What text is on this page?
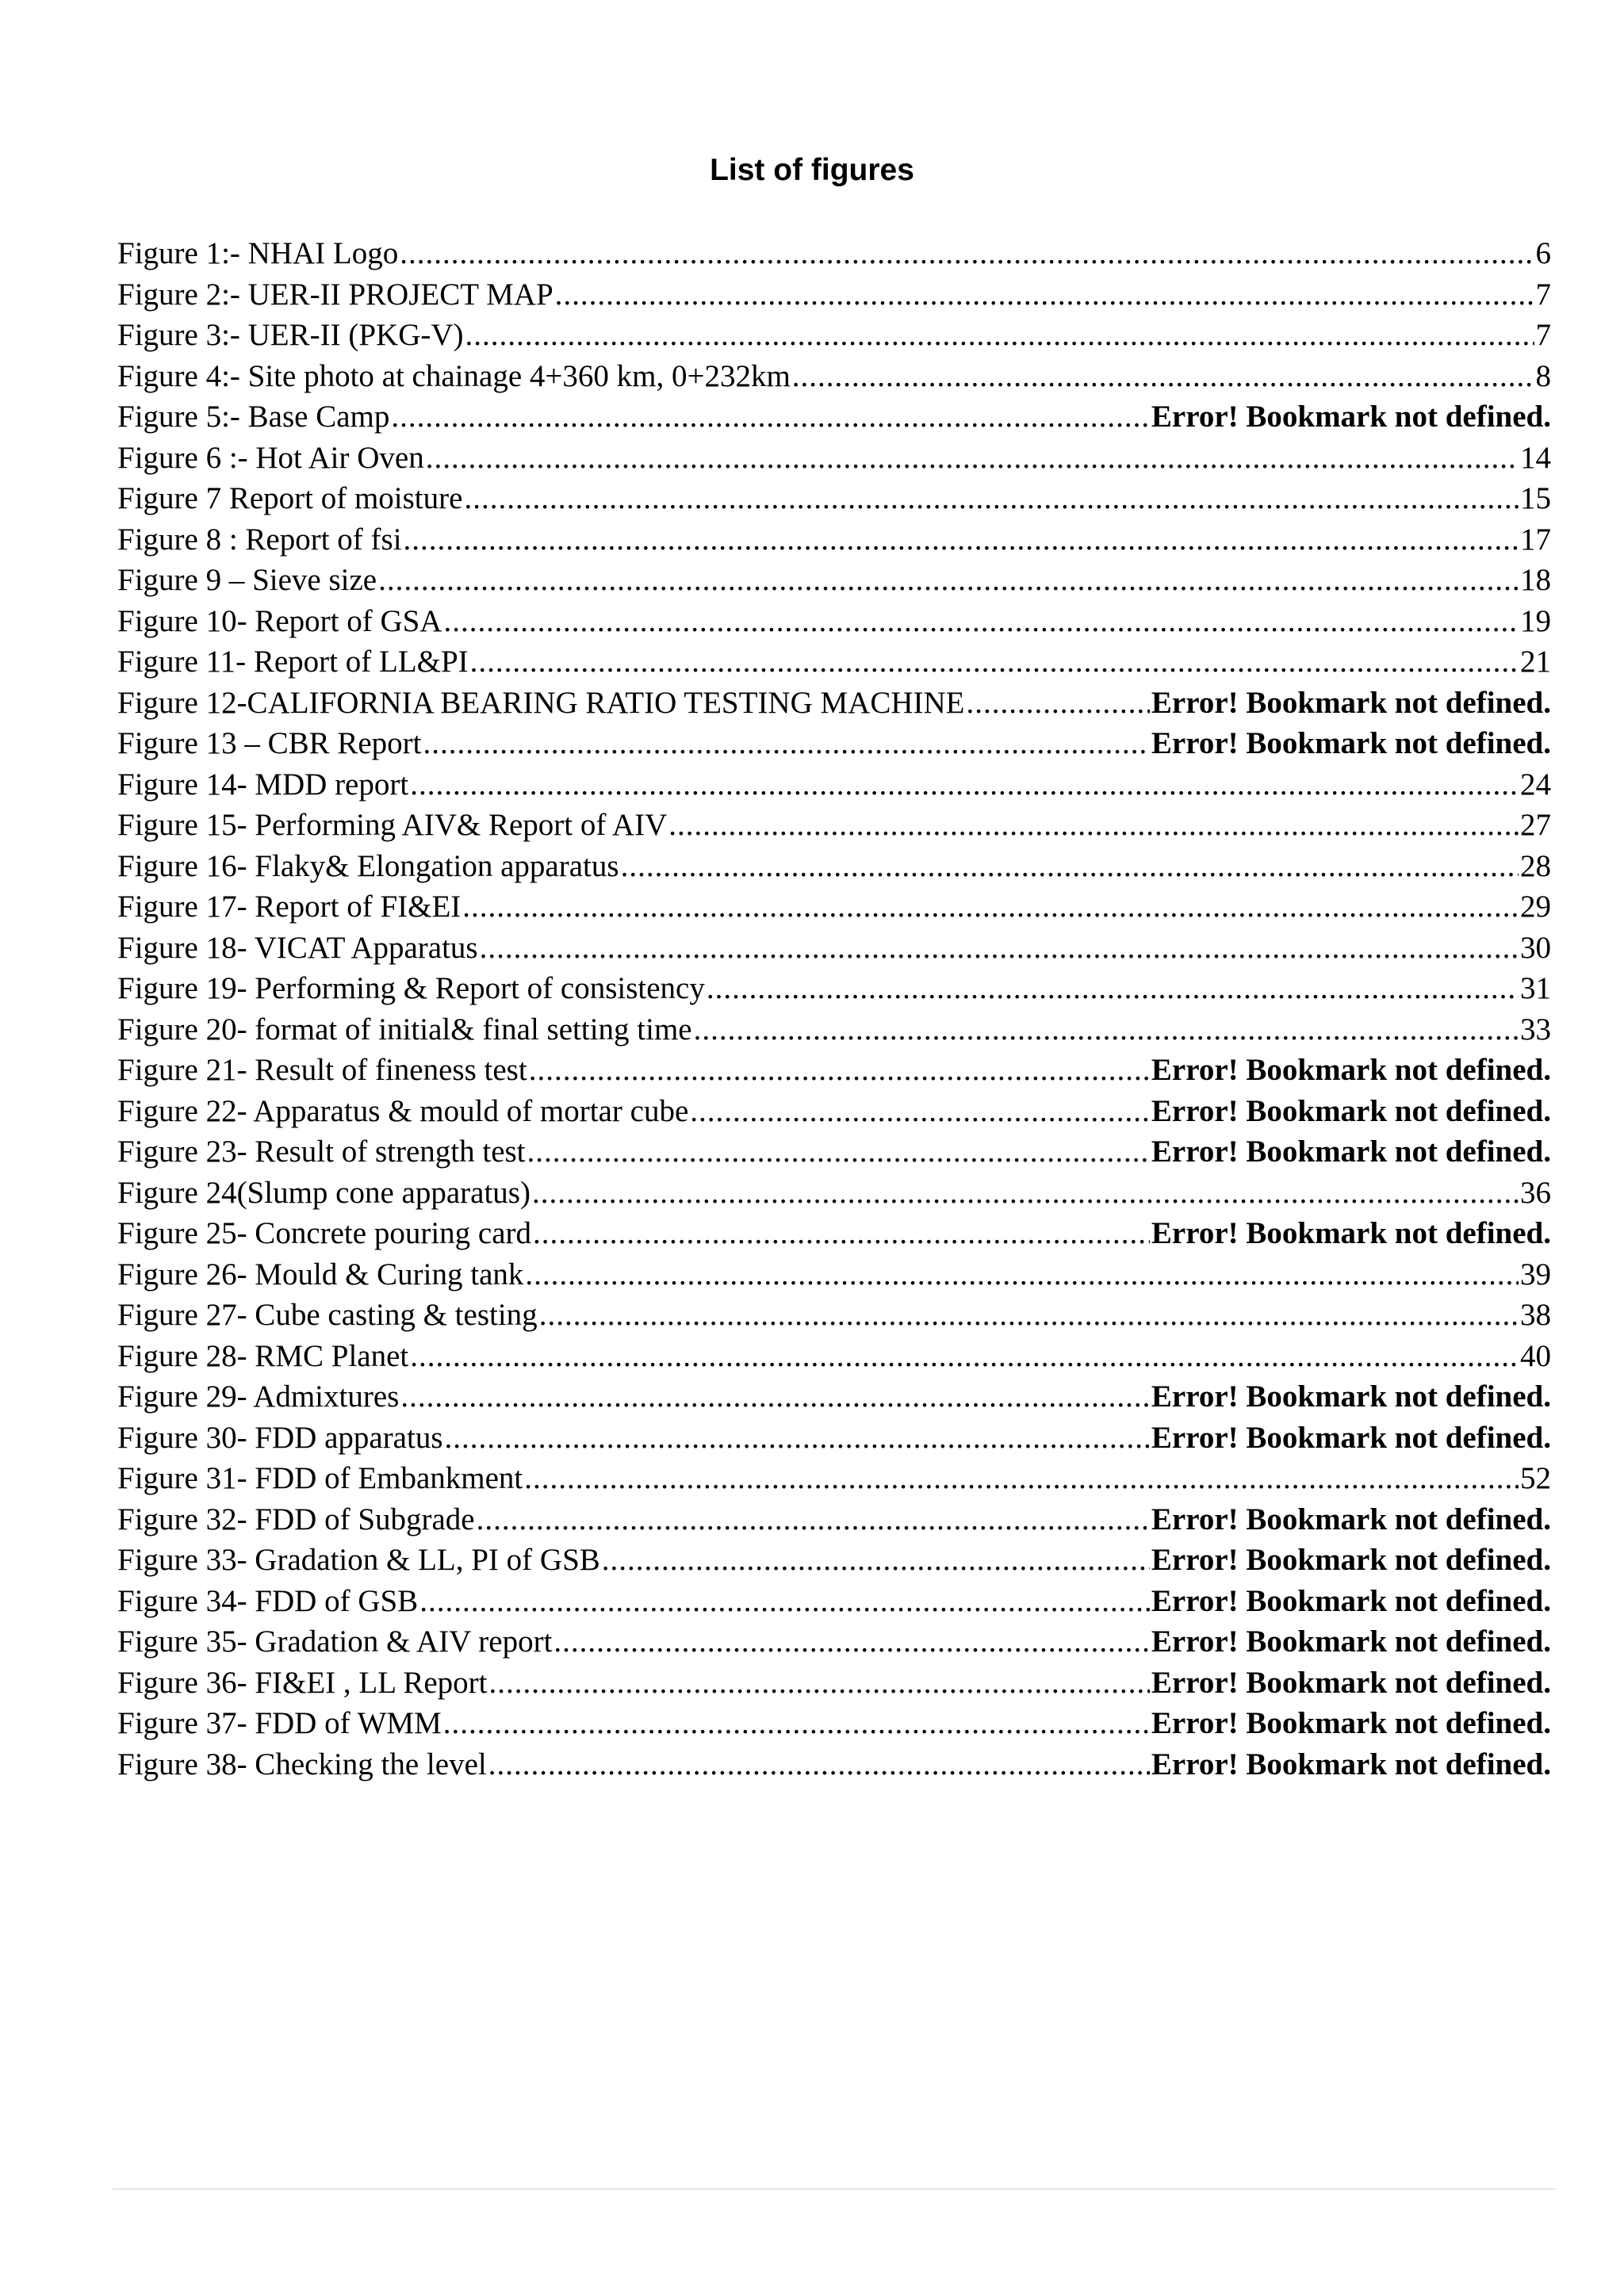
List of figures
Figure 1:- NHAI Logo .....	6
Figure 2:- UER-II PROJECT MAP .....	7
Figure 3:- UER-II (PKG-V) .....	7
Figure 4:- Site photo at chainage 4+360 km, 0+232km .....	8
Figure 5:- Base Camp .....	Error! Bookmark not defined.
Figure 6 :- Hot Air Oven .....	14
Figure 7 Report of moisture .....	15
Figure 8 : Report of fsi .....	17
Figure 9 – Sieve size .....	18
Figure 10- Report of GSA .....	19
Figure 11- Report of LL&PI .....	21
Figure 12-CALIFORNIA BEARING RATIO TESTING MACHINE .....	Error! Bookmark not defined.
Figure 13 – CBR Report .....	Error! Bookmark not defined.
Figure 14- MDD report .....	24
Figure 15- Performing AIV& Report of AIV .....	27
Figure 16- Flaky& Elongation apparatus .....	28
Figure 17- Report of FI&EI .....	29
Figure 18- VICAT Apparatus .....	30
Figure 19- Performing & Report of consistency .....	31
Figure 20- format of initial& final setting time .....	33
Figure 21- Result of fineness test .....	Error! Bookmark not defined.
Figure 22- Apparatus & mould of mortar cube .....	Error! Bookmark not defined.
Figure 23- Result of strength test .....	Error! Bookmark not defined.
Figure 24(Slump cone apparatus) .....	36
Figure 25- Concrete pouring card .....	Error! Bookmark not defined.
Figure 26- Mould & Curing tank .....	39
Figure 27- Cube casting & testing .....	38
Figure 28- RMC Planet .....	40
Figure 29- Admixtures .....	Error! Bookmark not defined.
Figure 30- FDD apparatus .....	Error! Bookmark not defined.
Figure 31- FDD of Embankment .....	52
Figure 32- FDD of Subgrade .....	Error! Bookmark not defined.
Figure 33- Gradation & LL, PI of GSB .....	Error! Bookmark not defined.
Figure 34- FDD of GSB .....	Error! Bookmark not defined.
Figure 35- Gradation & AIV report .....	Error! Bookmark not defined.
Figure 36- FI&EI , LL Report .....	Error! Bookmark not defined.
Figure 37- FDD of WMM .....	Error! Bookmark not defined.
Figure 38- Checking the level .....	Error! Bookmark not defined.
